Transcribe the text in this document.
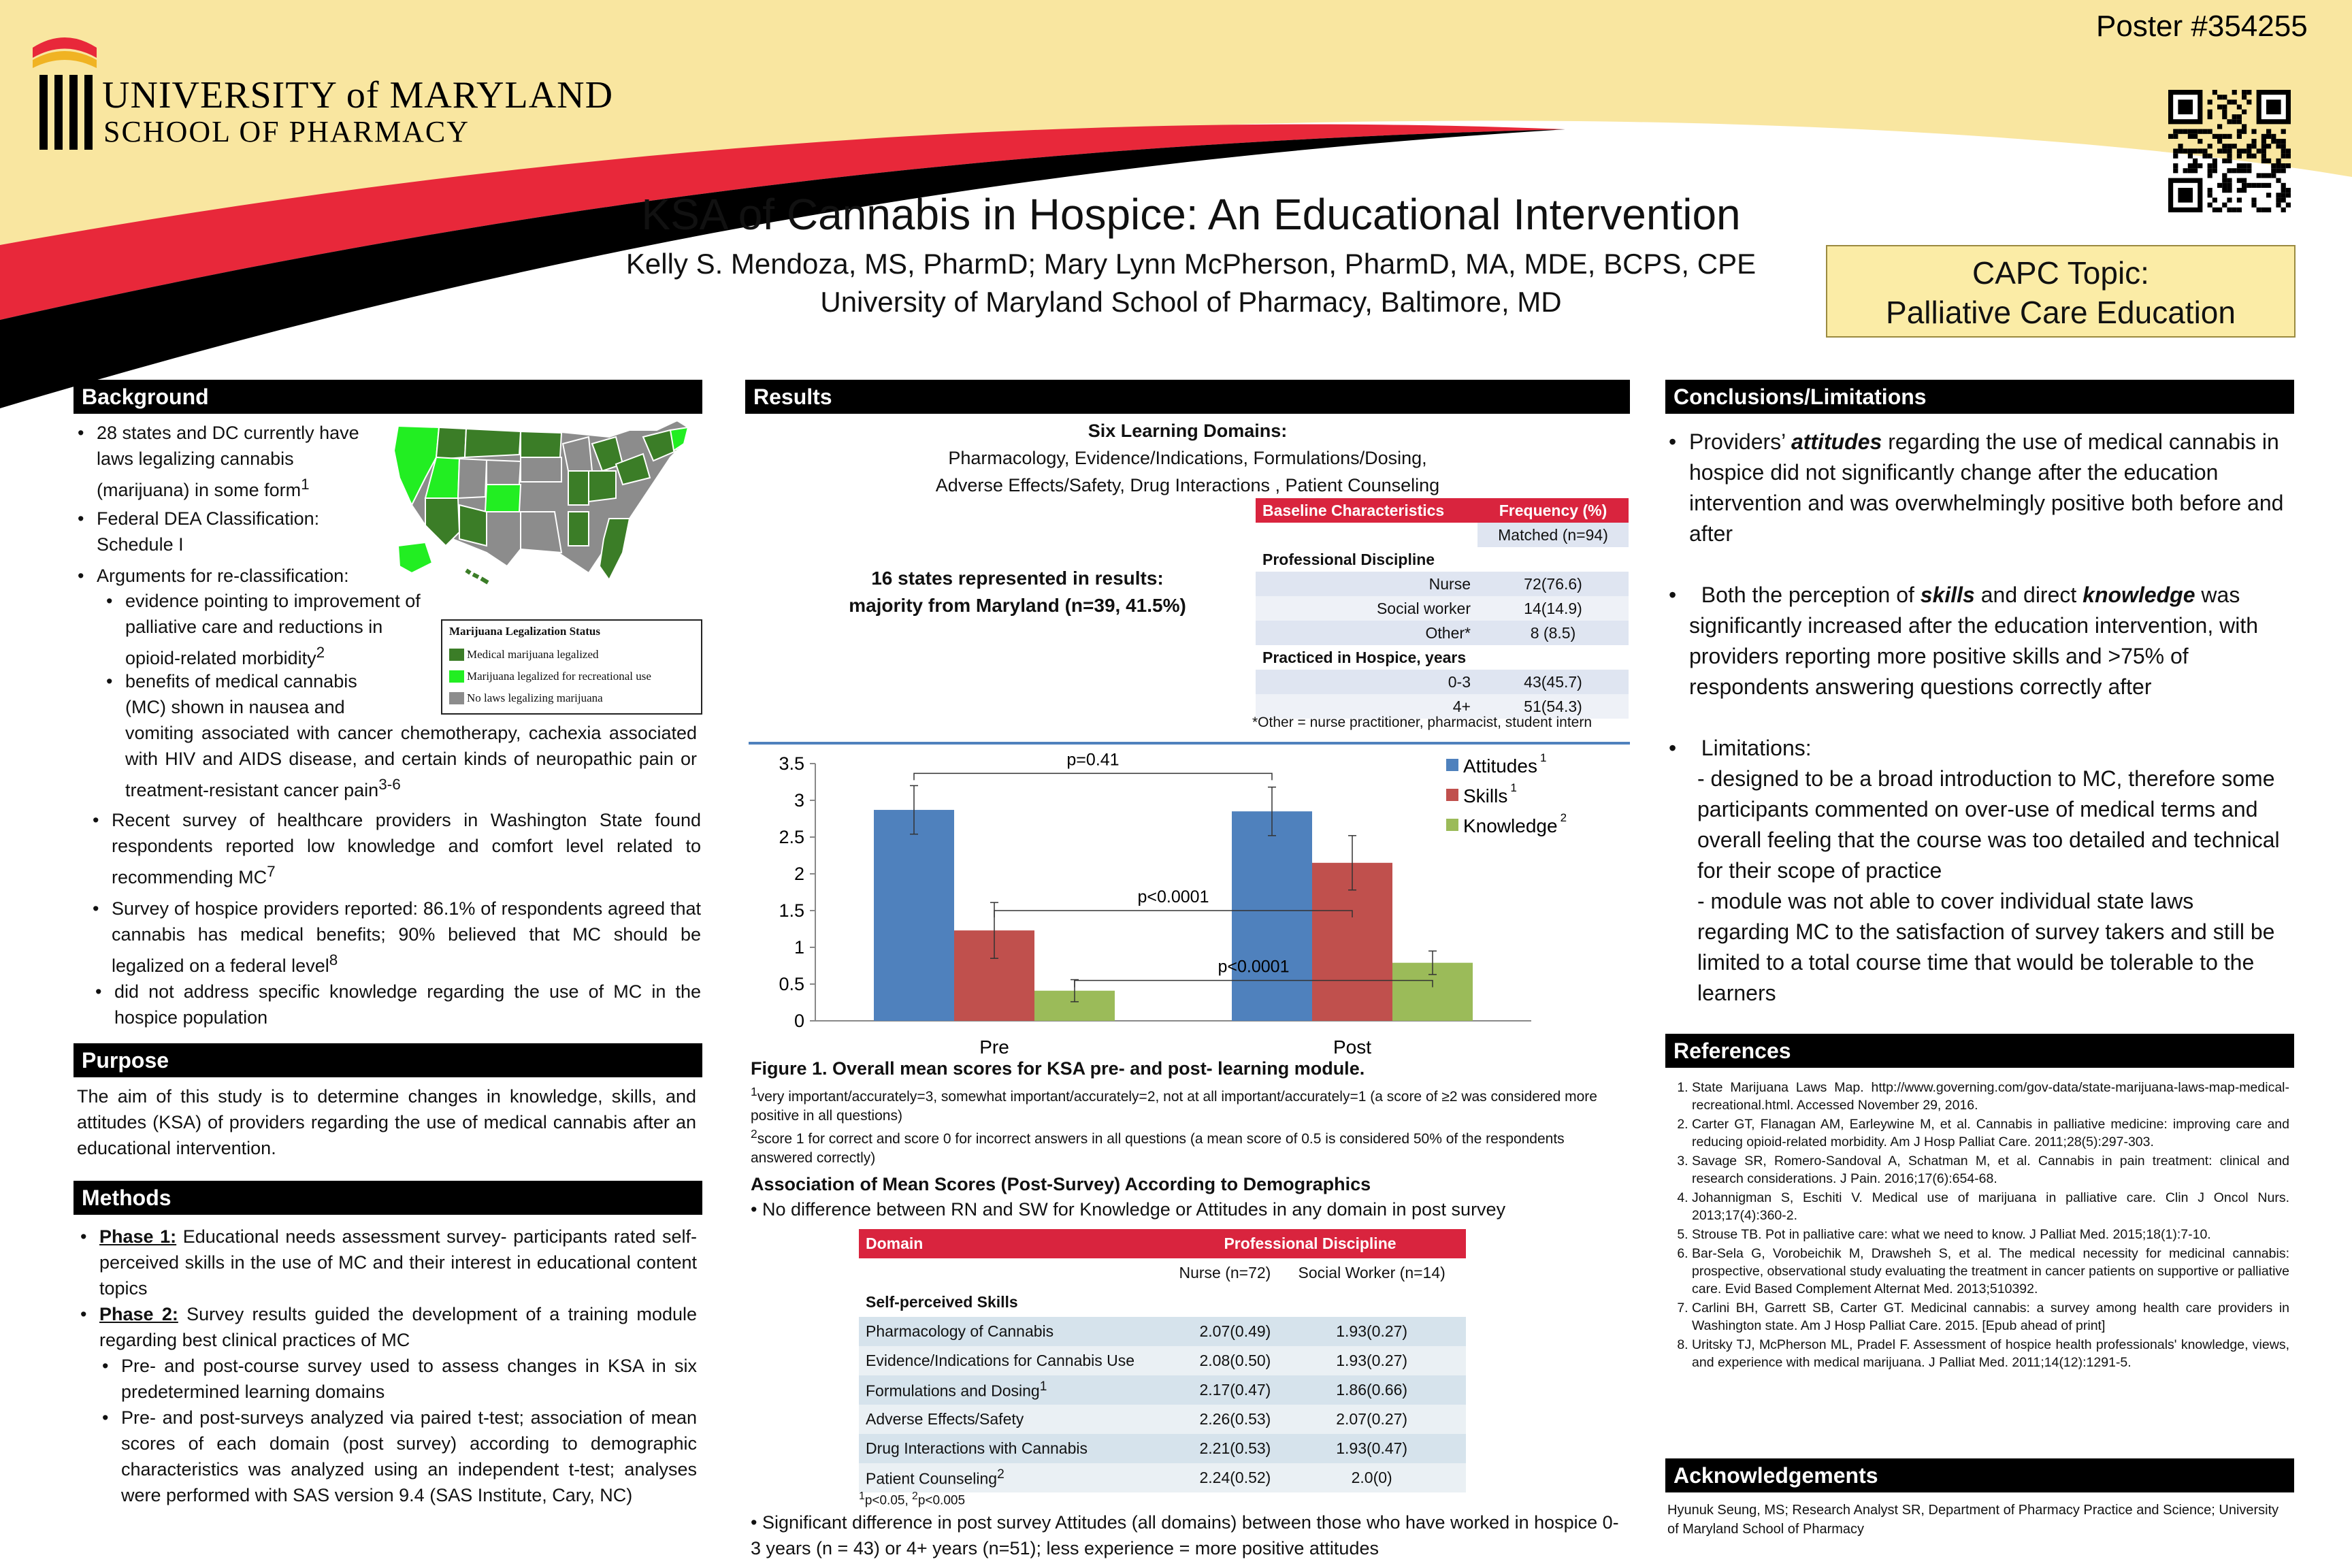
UNIVERSITY of MARYLAND
SCHOOL OF PHARMACY
Poster #354255
KSA of Cannabis in Hospice: An Educational Intervention
Kelly S. Mendoza, MS, PharmD; Mary Lynn McPherson, PharmD, MA, MDE, BCPS, CPE
University of Maryland School of Pharmacy, Baltimore, MD
CAPC Topic:
Palliative Care Education
Background
• 28 states and DC currently have laws legalizing cannabis (marijuana) in some form$^1$
• Federal DEA Classification: Schedule I
• Arguments for re-classification:
• evidence pointing to improvement of palliative care and reductions in opioid-related morbidity$^2$
• benefits of medical cannabis (MC) shown in nausea and
vomiting associated with cancer chemotherapy, cachexia associated with HIV and AIDS disease, and certain kinds of neuropathic pain or treatment-resistant cancer pain$^{3-6}$
• Recent survey of healthcare providers in Washington State found respondents reported low knowledge and comfort level related to recommending $MC^7$
• Survey of hospice providers reported: 86.1% of respondents agreed that cannabis has medical benefits; 90% believed that MC should be legalized on a federal level$^8$
• did not address specific knowledge regarding the use of MC in the hospice population
Marijuana Legalization Status
Medical marijuana legalized
Marijuana legalized for recreational use
No laws legalizing marijuana
Purpose
The aim of this study is to determine changes in knowledge, skills, and attitudes (KSA) of providers regarding the use of medical cannabis after an educational intervention.
Methods
• Phase 1: Educational needs assessment survey- participants rated self-perceived skills in the use of MC and their interest in educational content topics
• Phase 2: Survey results guided the development of a training module regarding best clinical practices of MC
• Pre- and post-course survey used to assess changes in KSA in six predetermined learning domains
• Pre- and post-surveys analyzed via paired t-test; association of mean scores of each domain (post survey) according to demographic characteristics was analyzed using an independent t-test; analyses were performed with SAS version 9.4 (SAS Institute, Cary, NC)
Results
Six Learning Domains:
Pharmacology, Evidence/Indications, Formulations/Dosing,
Adverse Effects/Safety, Drug Interactions , Patient Counseling
16 states represented in results:
majority from Maryland (n=39, 41.5%)
Baseline Characteristics	Frequency (%)
	Matched (n=94)
Professional Discipline	
Nurse	72(76.6)
Social worker	14(14.9)
Other*	8 (8.5)
Practiced in Hospice, years	
0-3	43(45.7)
4+	51(54.3)
*Other = nurse practitioner, pharmacist, student intern
0
0.5
1
1.5
2
2.5
3
3.5
Pre	Post
p=0.41
p<0.0001
p<0.0001
Attitudes 1
Skills 1
Knowledge 2
Figure 1. Overall mean scores for KSA pre- and post- learning module.
$^1$very important/accurately=3, somewhat important/accurately=2, not at all important/accurately=1 (a score of ≥2 was considered more positive in all questions)
$^2$score 1 for correct and score 0 for incorrect answers in all questions (a mean score of 0.5 is considered 50% of the respondents answered correctly)
Association of Mean Scores (Post-Survey) According to Demographics
• No difference between RN and SW for Knowledge or Attitudes in any domain in post survey
Domain	Professional Discipline	
	Nurse (n=72)	Social Worker (n=14)
Self-perceived Skills		
Pharmacology of Cannabis	2.07(0.49)	1.93(0.27)
Evidence/Indications for Cannabis Use	2.08(0.50)	1.93(0.27)
Formulations and Dosing$^1$	2.17(0.47)	1.86(0.66)
Adverse Effects/Safety	2.26(0.53)	2.07(0.27)
Drug Interactions with Cannabis	2.21(0.53)	1.93(0.47)
Patient Counseling$^2$	2.24(0.52)	2.0(0)
$^1$p<0.05, $^2$p<0.005
• Significant difference in post survey Attitudes (all domains) between those who have worked in hospice 0-3 years (n = 43) or 4+ years (n=51); less experience = more positive attitudes
Conclusions/Limitations
• Providers’ attitudes regarding the use of medical cannabis in hospice did not significantly change after the education intervention and was overwhelmingly positive both before and after
• Both the perception of skills and direct knowledge was significantly increased after the education intervention, with providers reporting more positive skills and >75% of respondents answering questions correctly after
• Limitations:
- designed to be a broad introduction to MC, therefore some participants commented on over-use of medical terms and overall feeling that the course was too detailed and technical for their scope of practice
- module was not able to cover individual state laws regarding MC to the satisfaction of survey takers and still be limited to a total course time that would be tolerable to the learners
References
1. State Marijuana Laws Map. http://www.governing.com/gov-data/state-marijuana-laws-map-medical-recreational.html. Accessed November 29, 2016.
2. Carter GT, Flanagan AM, Earleywine M, et al. Cannabis in palliative medicine: improving care and reducing opioid-related morbidity. Am J Hosp Palliat Care. 2011;28(5):297-303.
3. Savage SR, Romero-Sandoval A, Schatman M, et al. Cannabis in pain treatment: clinical and research considerations. J Pain. 2016;17(6):654-68.
4. Johannigman S, Eschiti V. Medical use of marijuana in palliative care. Clin J Oncol Nurs. 2013;17(4):360-2.
5. Strouse TB. Pot in palliative care: what we need to know. J Palliat Med. 2015;18(1):7-10.
6. Bar-Sela G, Vorobeichik M, Drawsheh S, et al. The medical necessity for medicinal cannabis: prospective, observational study evaluating the treatment in cancer patients on supportive or palliative care. Evid Based Complement Alternat Med. 2013;510392.
7. Carlini BH, Garrett SB, Carter GT. Medicinal cannabis: a survey among health care providers in Washington state. Am J Hosp Palliat Care. 2015. [Epub ahead of print]
8. Uritsky TJ, McPherson ML, Pradel F. Assessment of hospice health professionals' knowledge, views, and experience with medical marijuana. J Palliat Med. 2011;14(12):1291-5.
Acknowledgements
Hyunuk Seung, MS; Research Analyst SR, Department of Pharmacy Practice and Science; University of Maryland School of Pharmacy
